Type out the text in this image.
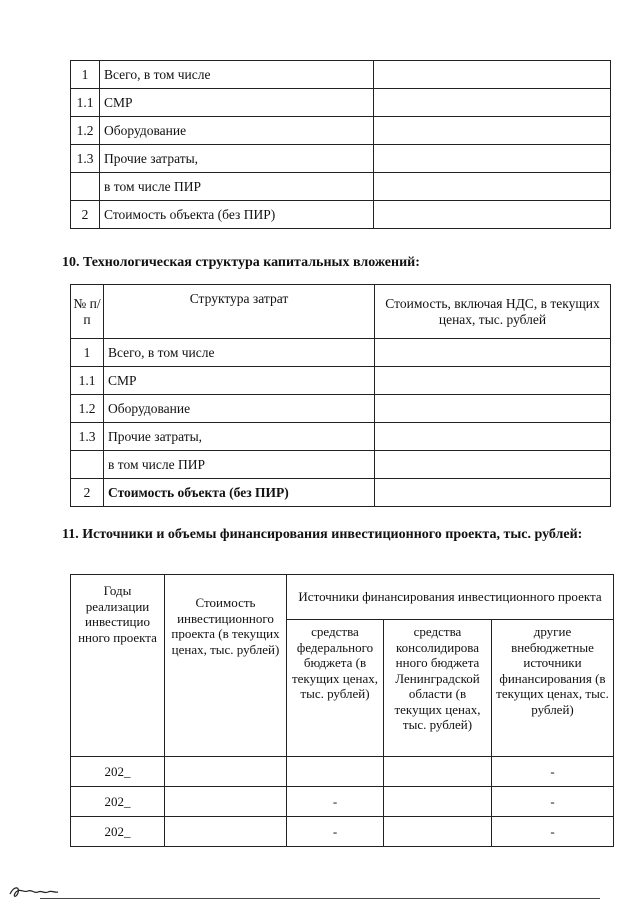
1	Всего, в том числе	
1.1	СМР	
1.2	Оборудование	
1.3	Прочие затраты,	
	в том числе ПИР	
2	Стоимость объекта (без ПИР)	
10. Технологическая структура капитальных вложений:
№ п/п	Структура затрат	Стоимость, включая НДС, в текущих ценах, тыс. рублей
1	Всего, в том числе	
1.1	СМР	
1.2	Оборудование	
1.3	Прочие затраты,	
	в том числе ПИР	
2	Стоимость объекта (без ПИР)	
11. Источники и объемы финансирования инвестиционного проекта, тыс. рублей:
Годы реализации инвестицио нного проекта	Стоимость инвестиционного проекта (в текущих ценах, тыс. рублей)	Источники финансирования инвестиционного проекта		
		средства федерального бюджета (в текущих ценах, тыс. рублей)	средства консолидирова нного бюджета Ленинградской области (в текущих ценах, тыс. рублей)	другие внебюджетные источники финансирования (в текущих ценах, тыс. рублей)
202_				-
202_		-		-
202_		-		-
